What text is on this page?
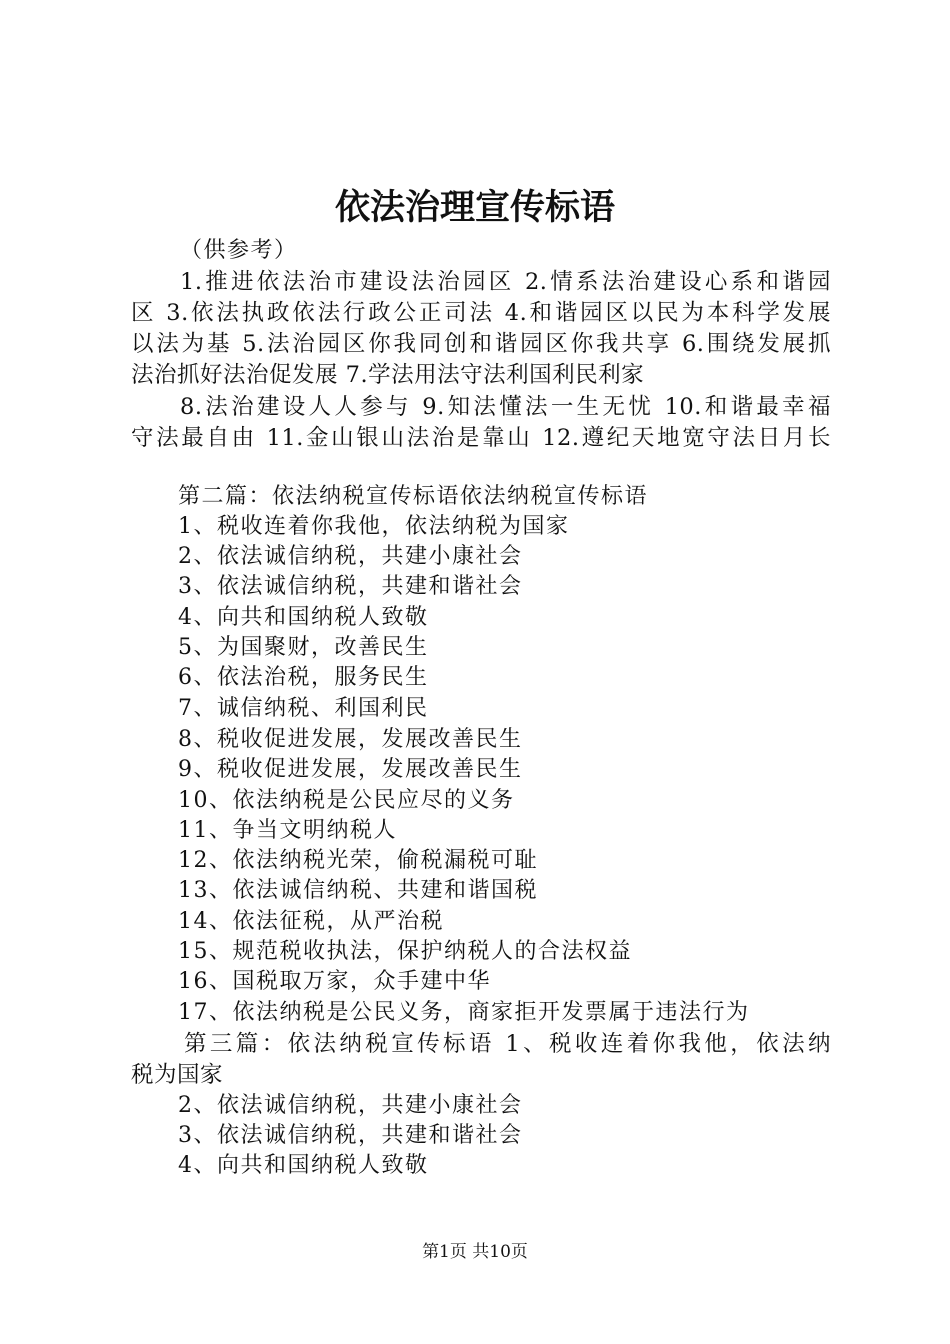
依法治理宣传标语
（供参考）
1.推进依法治市建设法治园区 2.情系法治建设心系和谐园
区 3.依法执政依法行政公正司法 4.和谐园区以民为本科学发展
以法为基 5.法治园区你我同创和谐园区你我共享 6.围绕发展抓
法治抓好法治促发展 7.学法用法守法利国利民利家
8.法治建设人人参与 9.知法懂法一生无忧 10.和谐最幸福
守法最自由 11.金山银山法治是靠山 12.遵纪天地宽守法日月长
第二篇：依法纳税宣传标语依法纳税宣传标语
1、税收连着你我他，依法纳税为国家
2、依法诚信纳税，共建小康社会
3、依法诚信纳税，共建和谐社会
4、向共和国纳税人致敬
5、为国聚财，改善民生
6、依法治税，服务民生
7、诚信纳税、利国利民
8、税收促进发展，发展改善民生
9、税收促进发展，发展改善民生
10、依法纳税是公民应尽的义务
11、争当文明纳税人
12、依法纳税光荣，偷税漏税可耻
13、依法诚信纳税、共建和谐国税
14、依法征税，从严治税
15、规范税收执法，保护纳税人的合法权益
16、国税取万家，众手建中华
17、依法纳税是公民义务，商家拒开发票属于违法行为
第三篇：依法纳税宣传标语 1、税收连着你我他，依法纳
税为国家
2、依法诚信纳税，共建小康社会
3、依法诚信纳税，共建和谐社会
4、向共和国纳税人致敬
第1页 共10页
